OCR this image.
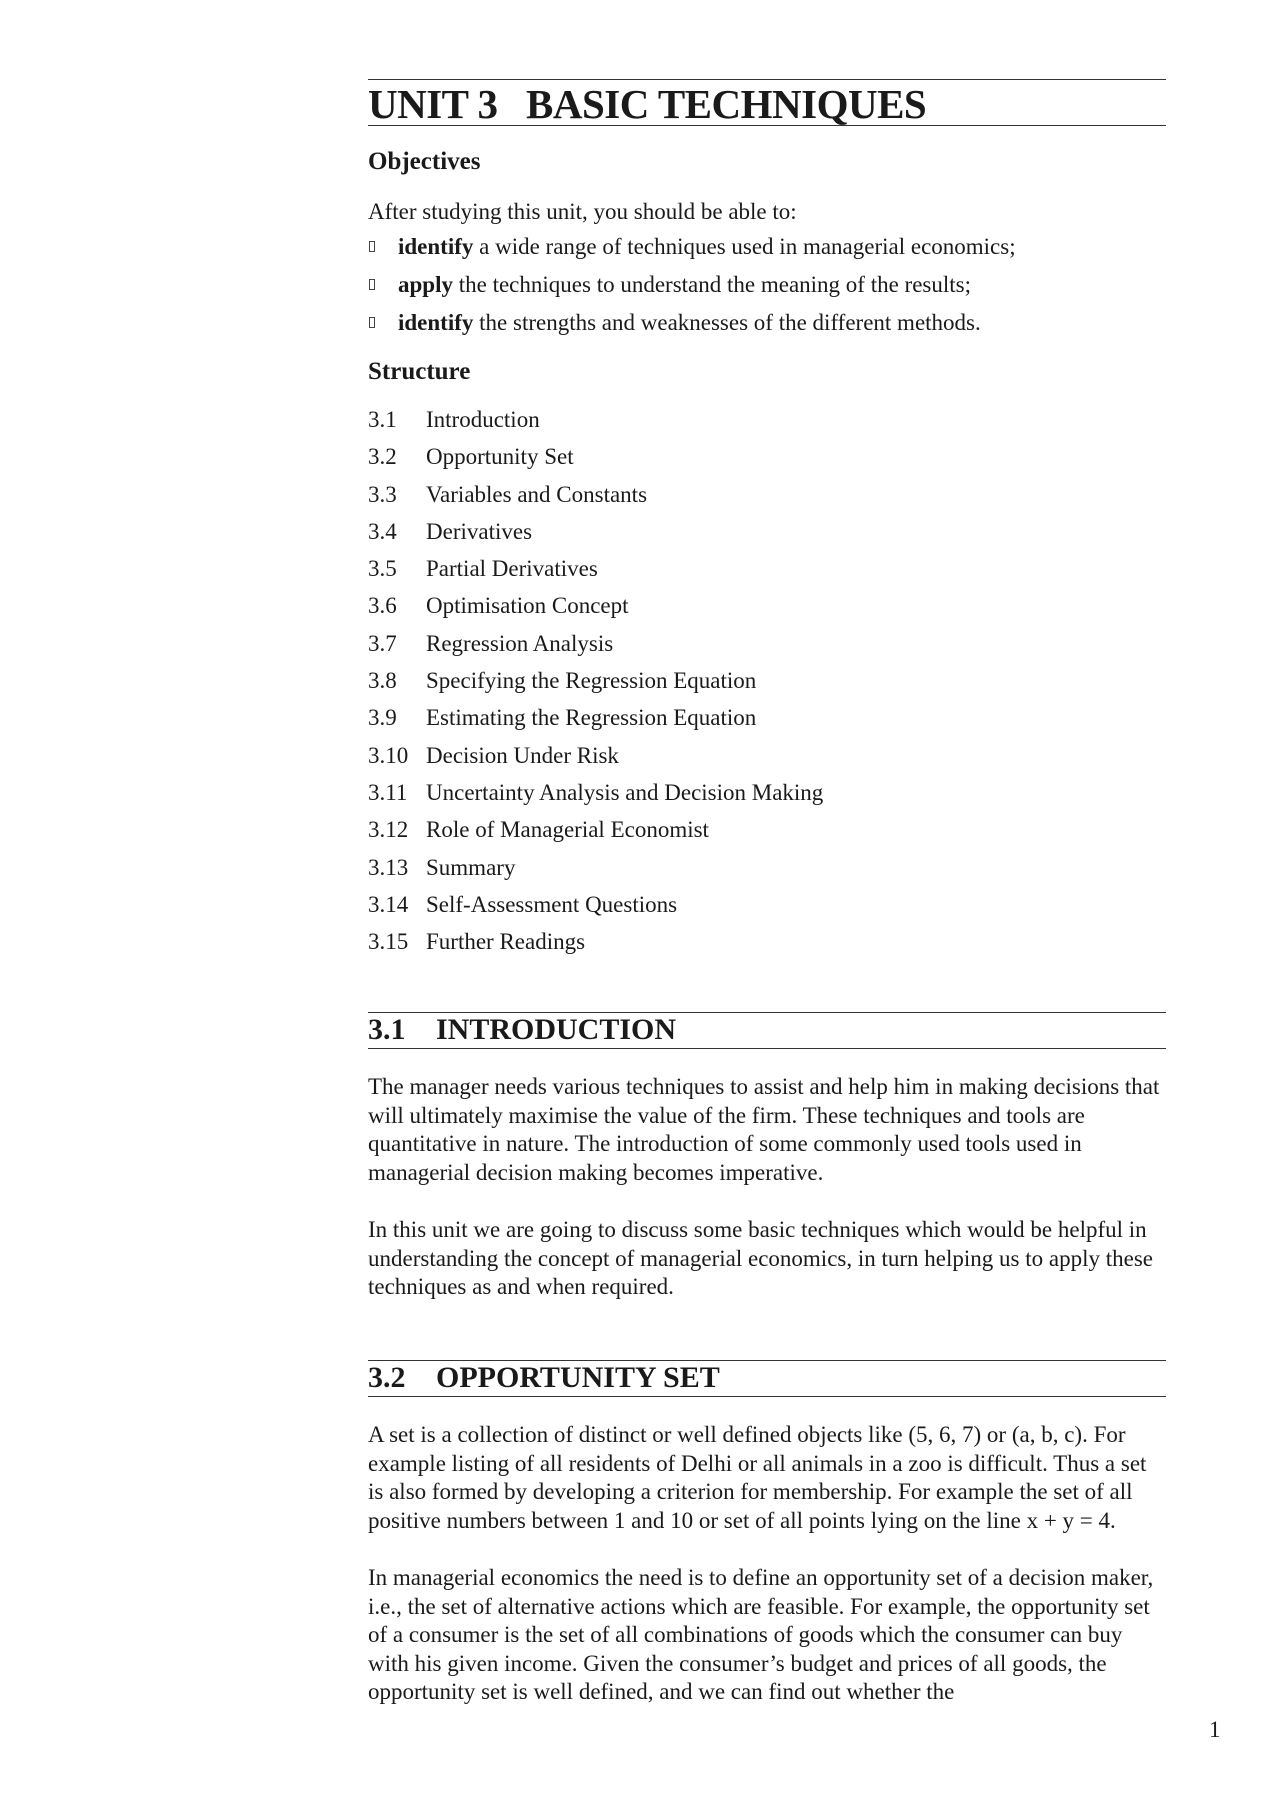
UNIT 3 BASIC TECHNIQUES
Objectives

After studying this unit, you should be able to:

identify a wide range of techniques used in managerial economics;
apply the techniques to understand the meaning of the results;
identify the strengths and weaknesses of the different methods.
Structure
3.1 Introduction
3.2 Opportunity Set
3.3 Variables and Constants
3.4 Derivatives
3.5 Partial Derivatives
3.6 Optimisation Concept
3.7 Regression Analysis
3.8 Specifying the Regression Equation
3.9 Estimating the Regression Equation
3.10 Decision Under Risk
3.11 Uncertainty Analysis and Decision Making
3.12 Role of Managerial Economist
3.13 Summary
3.14 Self-Assessment Questions
3.15 Further Readings
3.1 INTRODUCTION

The manager needs various techniques to assist and help him in making decisions that will ultimately maximise the value of the firm. These techniques and tools are quantitative in nature. The introduction of some commonly used tools used in managerial decision making becomes imperative.

In this unit we are going to discuss some basic techniques which would be helpful in understanding the concept of managerial economics, in turn helping us to apply these techniques as and when required.

3.2 OPPORTUNITY SET

A set is a collection of distinct or well defined objects like (5, 6, 7) or (a, b, c). For example listing of all residents of Delhi or all animals in a zoo is difficult. Thus a set is also formed by developing a criterion for membership. For example the set of all positive numbers between 1 and 10 or set of all points lying on the line x + y = 4.

In managerial economics the need is to define an opportunity set of a decision maker, i.e., the set of alternative actions which are feasible. For example, the opportunity set of a consumer is the set of all combinations of goods which the consumer can buy with his given income. Given the consumer’s budget and prices of all goods, the opportunity set is well defined, and we can find out whether the

1
